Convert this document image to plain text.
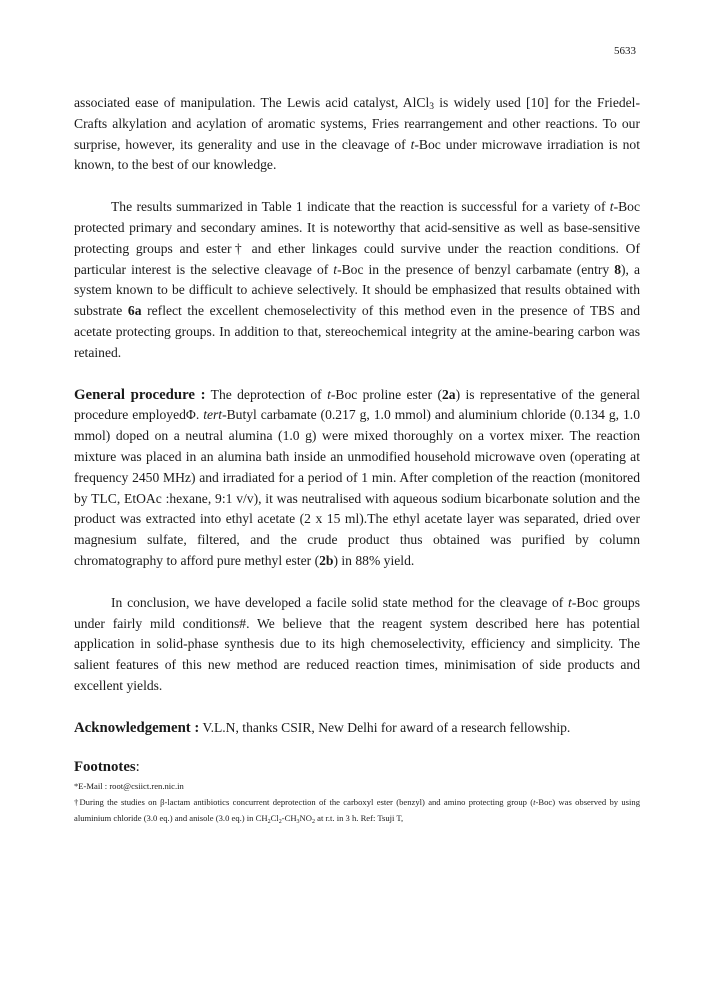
5633

associated ease of manipulation. The Lewis acid catalyst, AlCl$_3$ is widely used [10] for the Friedel-Crafts alkylation and acylation of aromatic systems, Fries rearrangement and other reactions. To our surprise, however, its generality and use in the cleavage of t-Boc under microwave irradiation is not known, to the best of our knowledge.

The results summarized in Table 1 indicate that the reaction is successful for a variety of t-Boc protected primary and secondary amines. It is noteworthy that acid-sensitive as well as base-sensitive protecting groups and ester† and ether linkages could survive under the reaction conditions. Of particular interest is the selective cleavage of t-Boc in the presence of benzyl carbamate (entry 8), a system known to be difficult to achieve selectively. It should be emphasized that results obtained with substrate 6a reflect the excellent chemoselectivity of this method even in the presence of TBS and acetate protecting groups. In addition to that, stereochemical integrity at the amine-bearing carbon was retained.

General procedure : The deprotection of t-Boc proline ester (2a) is representative of the general procedure employedΦ. tert-Butyl carbamate (0.217 g, 1.0 mmol) and aluminium chloride (0.134 g, 1.0 mmol) doped on a neutral alumina (1.0 g) were mixed thoroughly on a vortex mixer. The reaction mixture was placed in an alumina bath inside an unmodified household microwave oven (operating at frequency 2450 MHz) and irradiated for a period of 1 min. After completion of the reaction (monitored by TLC, EtOAc :hexane, 9:1 v/v), it was neutralised with aqueous sodium bicarbonate solution and the product was extracted into ethyl acetate (2 x 15 ml).The ethyl acetate layer was separated, dried over magnesium sulfate, filtered, and the crude product thus obtained was purified by column chromatography to afford pure methyl ester (2b) in 88% yield.

In conclusion, we have developed a facile solid state method for the cleavage of t-Boc groups under fairly mild conditions#. We believe that the reagent system described here has potential application in solid-phase synthesis due to its high chemoselectivity, efficiency and simplicity. The salient features of this new method are reduced reaction times, minimisation of side products and excellent yields.

Acknowledgement : V.L.N, thanks CSIR, New Delhi for award of a research fellowship.

Footnotes:

*E-Mail : root@csiict.ren.nic.in

†During the studies on β-lactam antibiotics concurrent deprotection of the carboxyl ester (benzyl) and amino protecting group (t-Boc) was observed by using aluminium chloride (3.0 eq.) and anisole (3.0 eq.) in $CH_2Cl_2-CH_3NO_2$ at r.t. in 3 h. Ref: Tsuji T,
